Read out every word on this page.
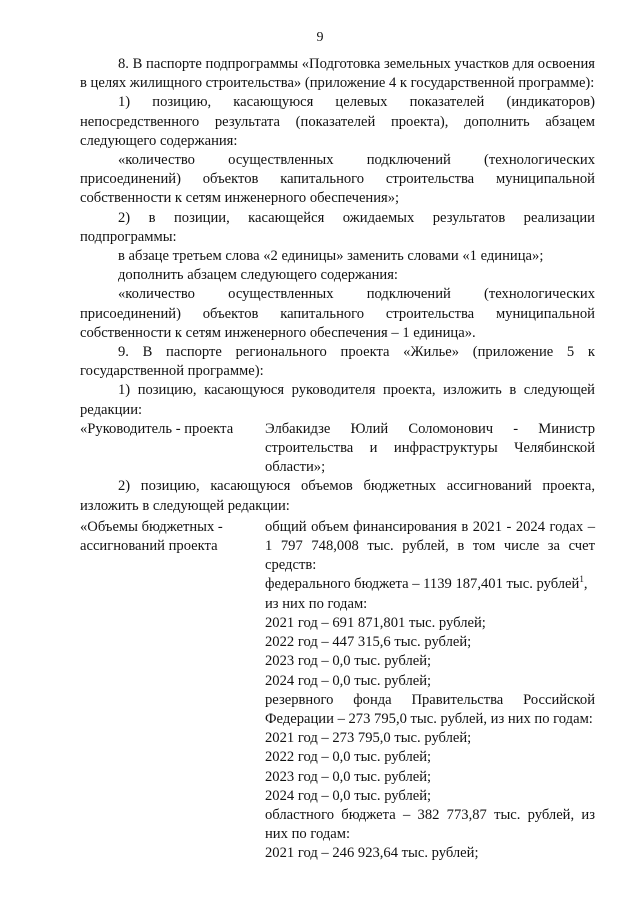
9

8. В паспорте подпрограммы «Подготовка земельных участков для освоения в целях жилищного строительства» (приложение 4 к государственной программе):

1) позицию, касающуюся целевых показателей (индикаторов) непосредственного результата (показателей проекта), дополнить абзацем следующего содержания:

«количество осуществленных подключений (технологических присоединений) объектов капитального строительства муниципальной собственности к сетям инженерного обеспечения»;

2) в позиции, касающейся ожидаемых результатов реализации подпрограммы:

в абзаце третьем слова «2 единицы» заменить словами «1 единица»;

дополнить абзацем следующего содержания:

«количество осуществленных подключений (технологических присоединений) объектов капитального строительства муниципальной собственности к сетям инженерного обеспечения – 1 единица».

9. В паспорте регионального проекта «Жилье» (приложение 5 к государственной программе):

1) позицию, касающуюся руководителя проекта, изложить в следующей редакции:

«Руководитель - проекта	Элбакидзе Юлий Соломонович - Министр строительства и инфраструктуры Челябинской области»;

2) позицию, касающуюся объемов бюджетных ассигнований проекта, изложить в следующей редакции:

«Объемы бюджетных - ассигнований проекта
общий объем финансирования в 2021 - 2024 годах – 1 797 748,008 тыс. рублей, в том числе за счет средств:
федерального бюджета – 1139 187,401 тыс. рублей$^1$,
из них по годам:
2021 год – 691 871,801 тыс. рублей;
2022 год – 447 315,6 тыс. рублей;
2023 год – 0,0 тыс. рублей;
2024 год – 0,0 тыс. рублей;
резервного фонда Правительства Российской Федерации – 273 795,0 тыс. рублей, из них по годам:
2021 год – 273 795,0 тыс. рублей;
2022 год – 0,0 тыс. рублей;
2023 год – 0,0 тыс. рублей;
2024 год – 0,0 тыс. рублей;
областного бюджета – 382 773,87 тыс. рублей, из них по годам:
2021 год – 246 923,64 тыс. рублей;
